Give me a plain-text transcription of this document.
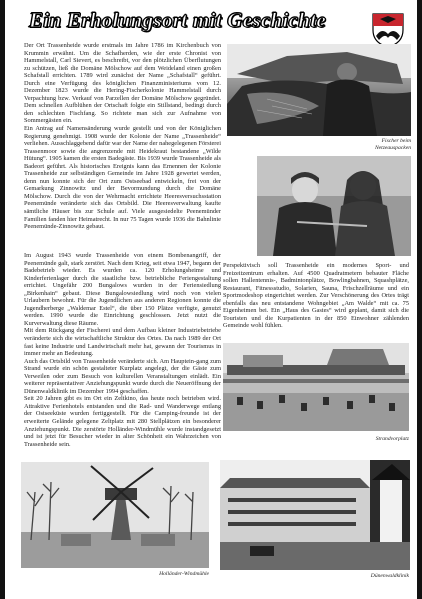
Ein Erholungsort mit Geschichte

Der Ort Trassenheide wurde erstmals im Jahre 1786 im Kirchenbuch von Krummin erwähnt. Um die Schafherden, wie der erste Chronist von Hammelstall, Carl Sievert, es beschreibt, vor den plötzlichen Überflutungen zu schützen, ließ die Domäne Mölschow auf dem Weideland einen großen Schafstall errichten. 1789 wird zunächst der Name „Schafstall“ geführt. Durch eine Verfügung des königlichen Finanzministeriums vom 12. Dezember 1823 wurde die Hering-Fischerkolonie Hammelstall durch Verpachtung bzw. Verkauf von Parzellen der Domäne Mölschow gegründet. Dem schnellen Aufblühen der Ortschaft folgte ein Stillstand, bedingt durch den schlechten Fischfang. So richtete man sich zur Aufnahme von Sommergästen ein.

Ein Antrag auf Namensänderung wurde gestellt und von der Königlichen Regierung genehmigt. 1908 wurde der Kolonie der Name „Trassenheide“ verliehen. Ausschlaggebend dafür war der Name der nahegelegenen Försterei Trassenmoor sowie die angrenzende mit Heidekraut bestandene „Wilde Hütung“. 1905 kamen die ersten Badegäste. Bis 1939 wurde Trassenheide als Badeort geführt. Als historisches Ereignis kann das Ernennen der Kolonie Trassenheide zur selbständigen Gemeinde im Jahre 1928 gewertet werden, denn nun konnte sich der Ort zum Ostseebad entwickeln, frei von der Gemarkung Zinnowitz und der Bevormundung durch die Domäne Mölschow. Durch die von der Wehrmacht errichtete Heeresversuchsstation Peenemünde veränderte sich das Ortsbild. Die Heeresverwaltung kaufte sämtliche Häuser bis zur Schule auf. Viele ausgesiedelte Peenemünder Familien fanden hier Heimatrecht. In nur 75 Tagen wurde 1936 die Bahnlinie Peenemünde-Zinnowitz gebaut.

Im August 1943 wurde Trassenheide von einem Bombenangriff, der Peenemünde galt, stark zerstört. Nach dem Krieg, seit etwa 1947, begann der Badebetrieb wieder. Es wurden ca. 120 Erholungsheime und Kinderferienlager durch die staatliche bzw. betriebliche Feriengestaltung errichtet. Ungefähr 200 Bungalows wurden in der Feriensiedlung „Birkenhain“ gebaut. Diese Bungalowsiedlung wird noch von vielen Urlaubern bewohnt. Für die Jugendlichen aus anderen Regionen konnte die Jugendherberge „Waldemar Estel“, die über 150 Plätze verfügte, genutzt werden. 1990 wurde die Einrichtung geschlossen. Jetzt nutzt die Kurverwaltung diese Räume.

Mit dem Rückgang der Fischerei und dem Aufbau kleiner Industriebetriebe veränderte sich die wirtschaftliche Struktur des Ortes. Da nach 1989 der Ort fast keine Industrie und Landwirtschaft mehr hat, gewann der Tourismus in immer mehr an Bedeutung.

Auch das Ortsbild von Trassenheide veränderte sich. Am Hauptein-gang zum Strand wurde ein schön gestalteter Kurplatz angelegt, der die Gäste zum Verweilen oder zum Besuch von kulturellen Veranstaltungen einlädt. Ein weiterer repräsentativer Anziehungspunkt wurde durch die Neueröffnung der Dünenwaldklinik im Dezember 1994 geschaffen.

Seit 20 Jahren gibt es im Ort ein Zeltkino, das heute noch betrieben wird. Attraktive Ferienhotels entstanden und die Rad- und Wanderwege entlang der Ostseeküste wurden fertiggestellt. Für die Camping-freunde ist der erweiterte Gelände gelegene Zeltplatz mit 280 Stellplätzen ein besonderer Anziehungspunkt. Die zerstörte Holländer-Windmühle wurde instandgesetzt und ist jetzt für Besucher wieder in alter Schönheit ein Wahrzeichen von Trassenheide sein.

Perspektivisch soll Trassenheide ein modernes Sport- und Freizeitzentrum erhalten. Auf 4500 Quadratmetern bebauter Fläche sollen Hallentennis-, Badmintonplätze, Bowlingbahnen, Squashplätze, Restaurant, Fitnessstudio, Solarien, Sauna, Frischzellräume und ein Sportmodeshop eingerichtet werden. Zur Verschönerung des Ortes trägt ebenfalls das neu entstandene Wohngebiet „Am Walde“ mit ca. 75 Eigenheimen bei. Ein „Haus des Gastes“ wird geplant, damit sich die Touristen und die Kurpatienten in der 850 Einwohner zählenden Gemeinde wohl fühlen.

Fischer beim Netzeauspacken
Strandvorplatz
Holländer-Windmühle	Dünenwaldklinik
